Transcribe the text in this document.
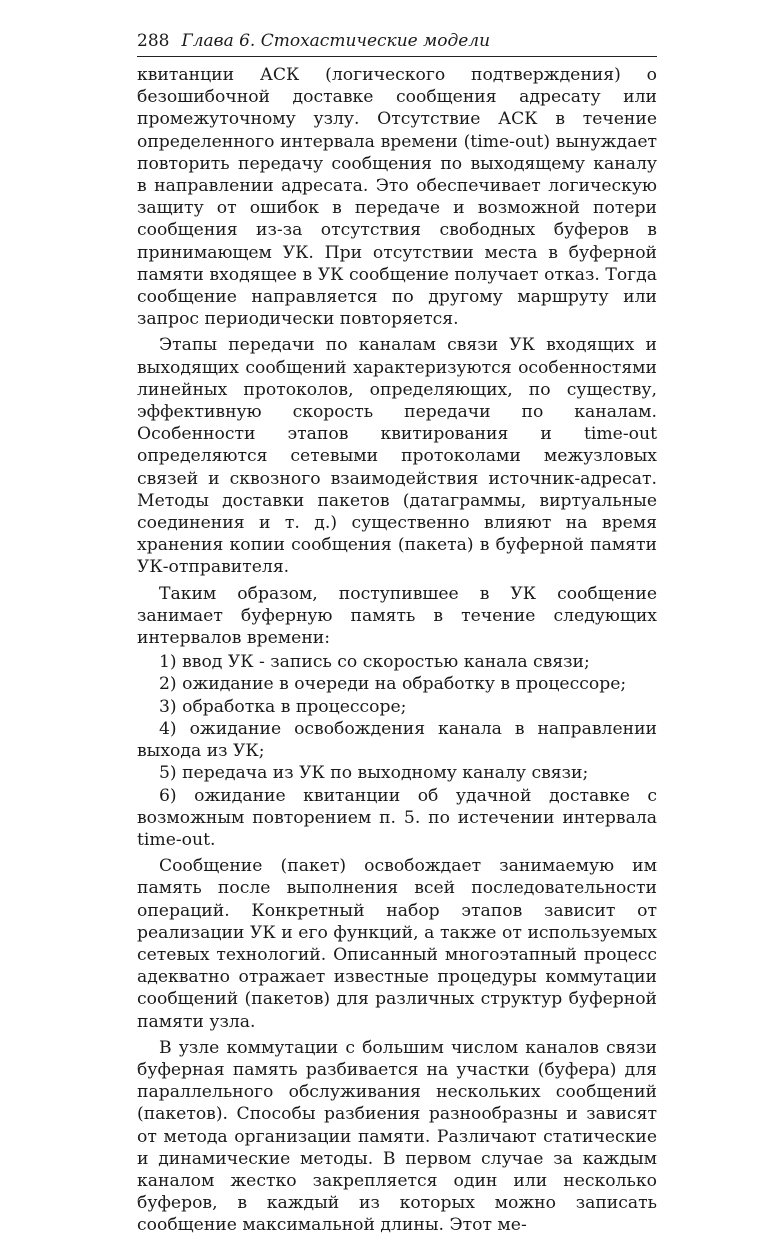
288 Глава 6. Стохастические модели

квитанции АСК (логического подтверждения) о безошибочной доставке сообщения адресату или промежуточному узлу. Отсутствие АСК в течение определенного интервала времени (time-out) вынуждает повторить передачу сообщения по выходящему каналу в направлении адресата. Это обеспечивает логическую защиту от ошибок в передаче и возможной потери сообщения из-за отсутствия свободных буферов в принимающем УК. При отсутствии места в буферной памяти входящее в УК сообщение получает отказ. Тогда сообщение направляется по другому маршруту или запрос периодически повторяется.

Этапы передачи по каналам связи УК входящих и выходящих сообщений характеризуются особенностями линейных протоколов, определяющих, по существу, эффективную скорость передачи по каналам. Особенности этапов квитирования и time-out определяются сетевыми протоколами межузловых связей и сквозного взаимодействия источник-адресат. Методы доставки пакетов (датаграммы, виртуальные соединения и т. д.) существенно влияют на время хранения копии сообщения (пакета) в буферной памяти УК-отправителя.

Таким образом, поступившее в УК сообщение занимает буферную память в течение следующих интервалов времени:

1) ввод УК - запись со скоростью канала связи;

2) ожидание в очереди на обработку в процессоре;

3) обработка в процессоре;

4) ожидание освобождения канала в направлении выхода из УК;

5) передача из УК по выходному каналу связи;

6) ожидание квитанции об удачной доставке с возможным повторением п. 5. по истечении интервала time-out.

Сообщение (пакет) освобождает занимаемую им память после выполнения всей последовательности операций. Конкретный набор этапов зависит от реализации УК и его функций, а также от используемых сетевых технологий. Описанный многоэтапный процесс адекватно отражает известные процедуры коммутации сообщений (пакетов) для различных структур буферной памяти узла.

В узле коммутации с большим числом каналов связи буферная память разбивается на участки (буфера) для параллельного обслуживания нескольких сообщений (пакетов). Способы разбиения разнообразны и зависят от метода организации памяти. Различают статические и динамические методы. В первом случае за каждым каналом жестко закрепляется один или несколько буферов, в каждый из которых можно записать сообщение максимальной длины. Этот ме-
